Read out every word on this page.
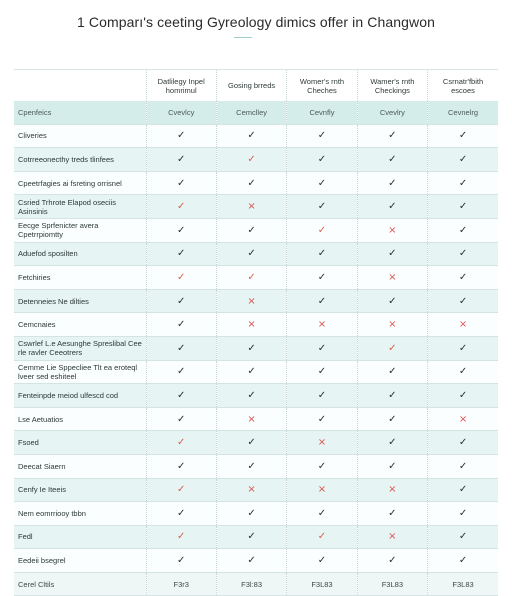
1 Comparı's ceeting Gyreology dimics offer in Changwon
	Datlilegy Inpel homrimul	Gosing brreds	Womer's rnth Cheches	Wamer's rnth Checkings	Csrnatr'fbith escoes
Cpenfeics	Cvevlcy	Cemclley	Cevnfly	Cvevlry	Cevnelrg
Cliveries	✓	✓	✓	✓	✓
Cotrreeonecthy treds tlinfees	✓	✓	✓	✓	✓
Cpeetrfagies ai fsreting orrisnel	✓	✓	✓	✓	✓
Csried Trhrote Elapod oseciis Asinsinis	✓	×	✓	✓	✓
Eecge Sprfenicter avera Cpetrrpiomtty	✓	✓	✓	×	✓
Aduefod sposilten	✓	✓	✓	✓	✓
Fetchiries	✓	✓	✓	×	✓
Detenneies Ne dilties	✓	×	✓	✓	✓
Cemcnaies	✓	×	×	×	×
Cswrlef L.e Aesunghe Spreslibal Cee rle ravler Ceeotrers	✓	✓	✓	✓	✓
Cemme Lie Sppecliee Tlt ea eroteql lveer sed eshiteel	✓	✓	✓	✓	✓
Fenteinpde meiod ulfescd cod	✓	✓	✓	✓	✓
Lse Aetuatios	✓	×	✓	✓	×
Fsoed	✓	✓	×	✓	✓
Deecat Siaern	✓	✓	✓	✓	✓
Cenfy Ie Iteeis	✓	×	×	×	✓
Nem eomrriooy tbbn	✓	✓	✓	✓	✓
Fedl	✓	✓	✓	×	✓
Eedeii bsegrel	✓	✓	✓	✓	✓
Cerel Cltils	F3r3	F3l:83	F3L83	F3L83	F3L83
